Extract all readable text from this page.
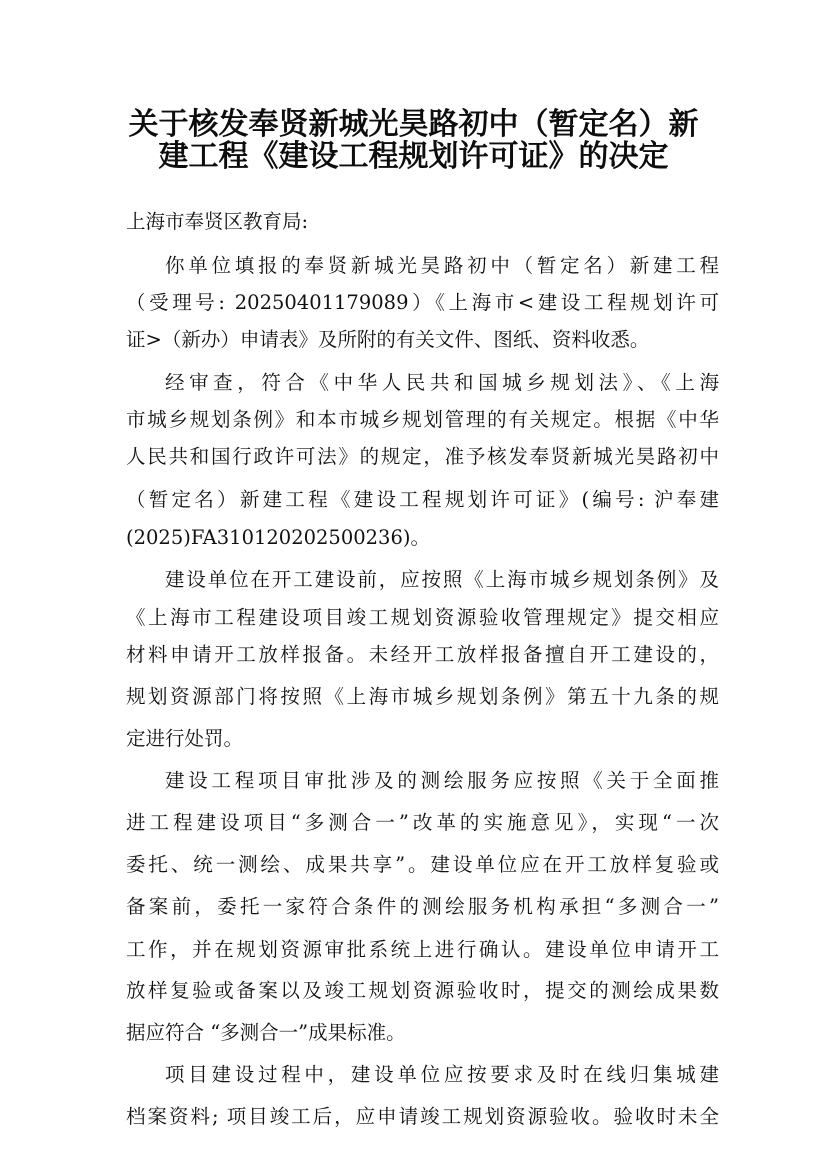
关于核发奉贤新城光昊路初中（暂定名）新
建工程《建设工程规划许可证》的决定
上海市奉贤区教育局:
你单位填报的奉贤新城光昊路初中（暂定名）新建工程
（受理号: 20250401179089）《上海市<建设工程规划许可
证>（新办）申请表》及所附的有关文件、图纸、资料收悉。
经审查，符合《中华人民共和国城乡规划法》、《上海
市城乡规划条例》和本市城乡规划管理的有关规定。根据《中华
人民共和国行政许可法》的规定，准予核发奉贤新城光昊路初中
（暂定名）新建工程《建设工程规划许可证》(编号: 沪奉建
(2025)FA310120202500236)。
建设单位在开工建设前，应按照《上海市城乡规划条例》及
《上海市工程建设项目竣工规划资源验收管理规定》提交相应
材料申请开工放样报备。未经开工放样报备擅自开工建设的，
规划资源部门将按照《上海市城乡规划条例》第五十九条的规
定进行处罚。
建设工程项目审批涉及的测绘服务应按照《关于全面推
进工程建设项目“多测合一”改革的实施意见》，实现“一次
委托、统一测绘、成果共享”。建设单位应在开工放样复验或
备案前，委托一家符合条件的测绘服务机构承担“多测合一”
工作，并在规划资源审批系统上进行确认。建设单位申请开工
放样复验或备案以及竣工规划资源验收时，提交的测绘成果数
据应符合 “多测合一”成果标准。
项目建设过程中，建设单位应按要求及时在线归集城建
档案资料; 项目竣工后，应申请竣工规划资源验收。验收时未全
